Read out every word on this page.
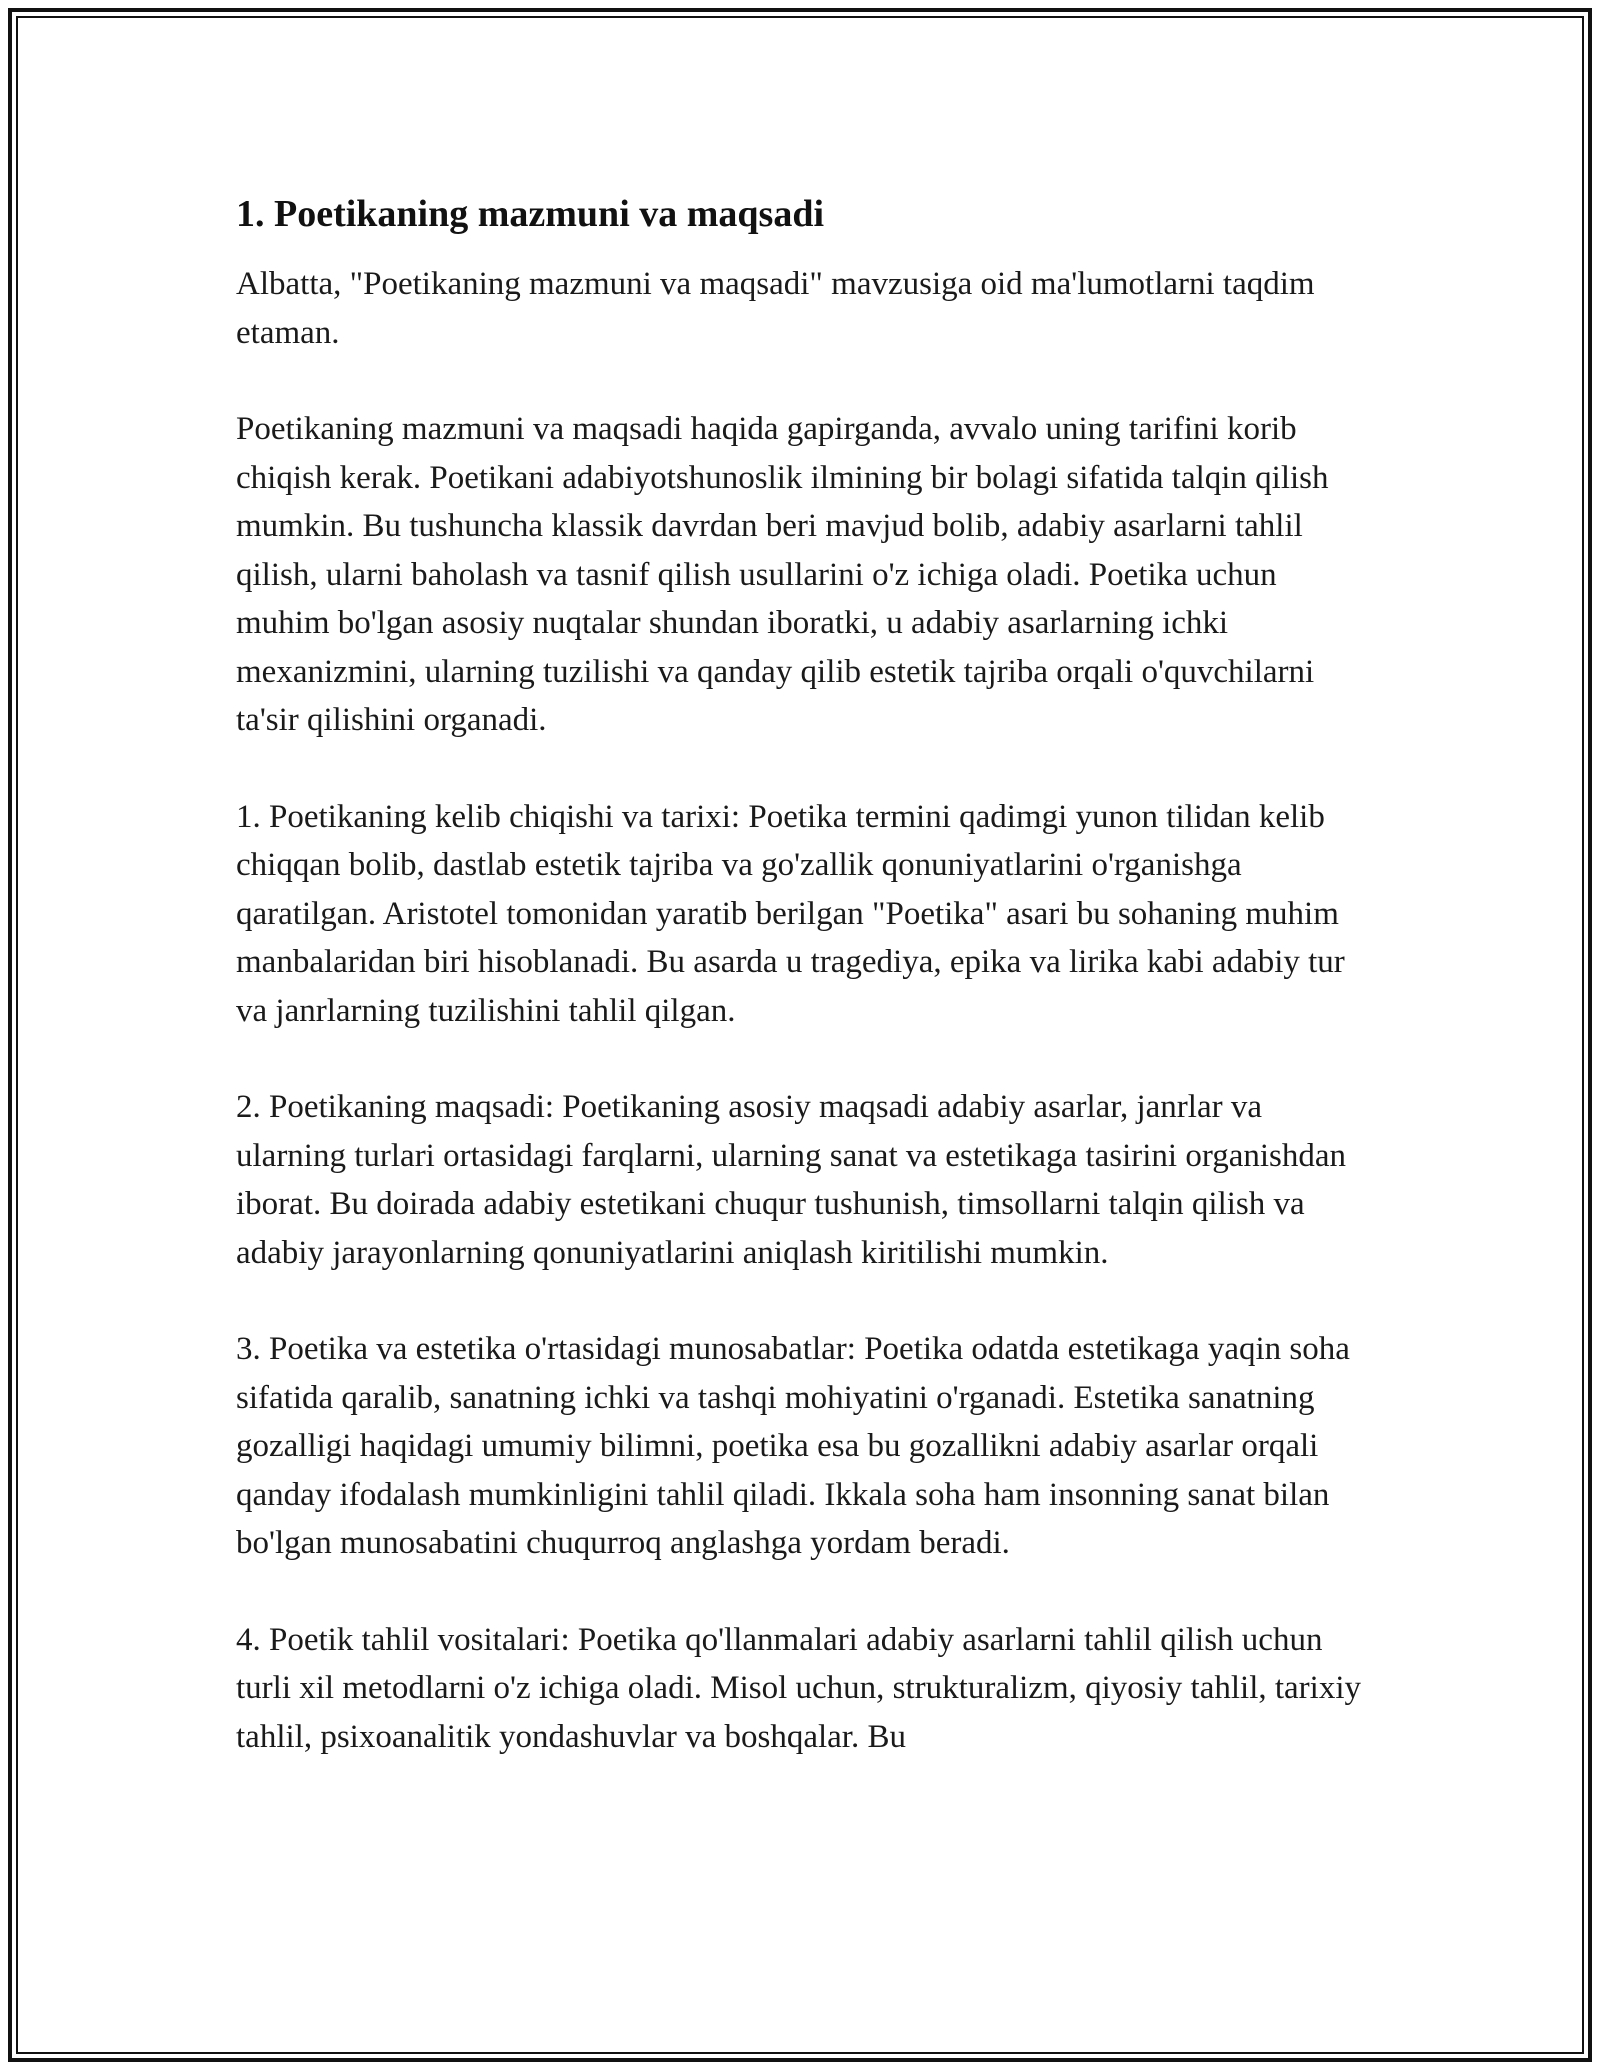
1. Poetikaning mazmuni va maqsadi

Albatta, "Poetikaning mazmuni va maqsadi" mavzusiga oid ma'lumotlarni taqdim etaman.

Poetikaning mazmuni va maqsadi haqida gapirganda, avvalo uning tarifini korib chiqish kerak. Poetikani adabiyotshunoslik ilmining bir bolagi sifatida talqin qilish mumkin. Bu tushuncha klassik davrdan beri mavjud bolib, adabiy asarlarni tahlil qilish, ularni baholash va tasnif qilish usullarini o'z ichiga oladi. Poetika uchun muhim bo'lgan asosiy nuqtalar shundan iboratki, u adabiy asarlarning ichki mexanizmini, ularning tuzilishi va qanday qilib estetik tajriba orqali o'quvchilarni ta'sir qilishini organadi.

1. Poetikaning kelib chiqishi va tarixi: Poetika termini qadimgi yunon tilidan kelib chiqqan bolib, dastlab estetik tajriba va go'zallik qonuniyatlarini o'rganishga qaratilgan. Aristotel tomonidan yaratib berilgan "Poetika" asari bu sohaning muhim manbalaridan biri hisoblanadi. Bu asarda u tragediya, epika va lirika kabi adabiy tur va janrlarning tuzilishini tahlil qilgan.

2. Poetikaning maqsadi: Poetikaning asosiy maqsadi adabiy asarlar, janrlar va ularning turlari ortasidagi farqlarni, ularning sanat va estetikaga tasirini organishdan iborat. Bu doirada adabiy estetikani chuqur tushunish, timsollarni talqin qilish va adabiy jarayonlarning qonuniyatlarini aniqlash kiritilishi mumkin.

3. Poetika va estetika o'rtasidagi munosabatlar: Poetika odatda estetikaga yaqin soha sifatida qaralib, sanatning ichki va tashqi mohiyatini o'rganadi. Estetika sanatning gozalligi haqidagi umumiy bilimni, poetika esa bu gozallikni adabiy asarlar orqali qanday ifodalash mumkinligini tahlil qiladi. Ikkala soha ham insonning sanat bilan bo'lgan munosabatini chuqurroq anglashga yordam beradi.

4. Poetik tahlil vositalari: Poetika qo'llanmalari adabiy asarlarni tahlil qilish uchun turli xil metodlarni o'z ichiga oladi. Misol uchun, strukturalizm, qiyosiy tahlil, tarixiy tahlil, psixoanalitik yondashuvlar va boshqalar. Bu
